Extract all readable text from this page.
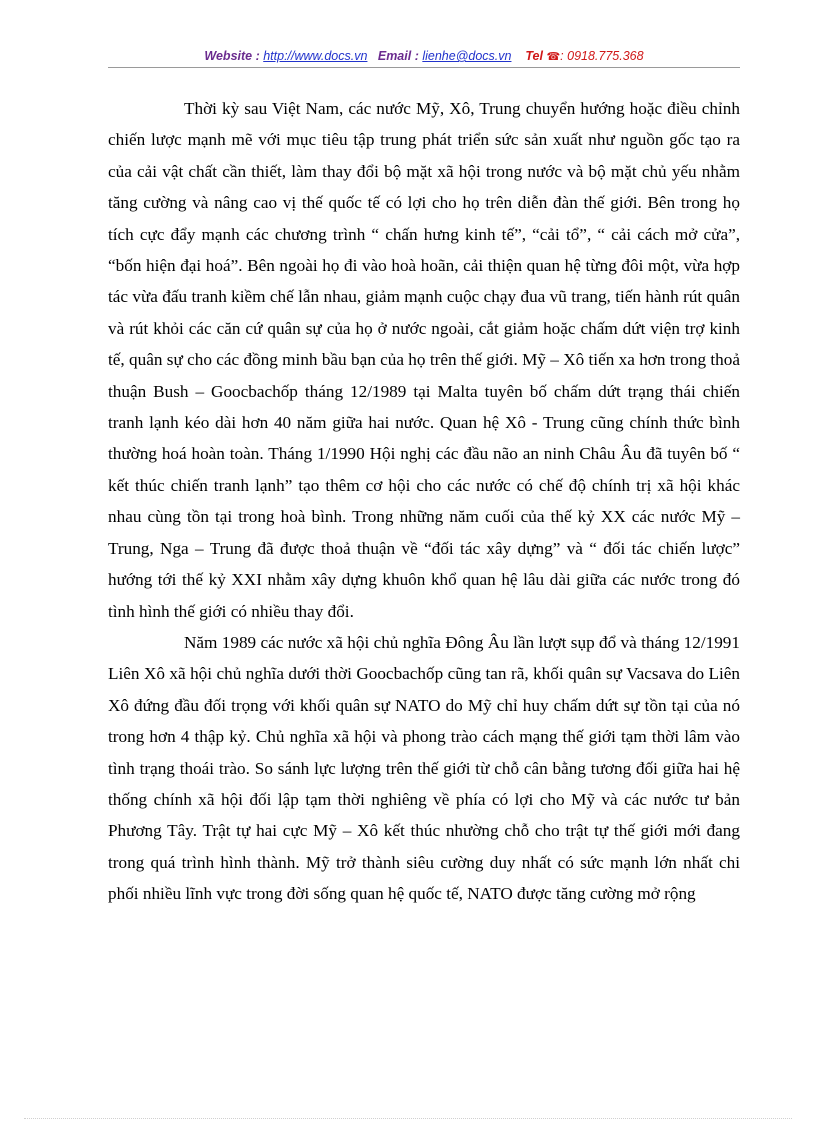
Website : http://www.docs.vn Email : lienhe@docs.vn Tel ☎: 0918.775.368

Thời kỳ sau Việt Nam, các nước Mỹ, Xô, Trung chuyển hướng hoặc điều chỉnh chiến lược mạnh mẽ với mục tiêu tập trung phát triển sức sản xuất như nguồn gốc tạo ra của cải vật chất cần thiết, làm thay đổi bộ mặt xã hội trong nước và bộ mặt chủ yếu nhằm tăng cường và nâng cao vị thế quốc tế có lợi cho họ trên diễn đàn thế giới. Bên trong họ tích cực đẩy mạnh các chương trình “ chấn hưng kinh tế”, “cải tổ”, “ cải cách mở cửa”, “bốn hiện đại hoá”. Bên ngoài họ đi vào hoà hoãn, cải thiện quan hệ từng đôi một, vừa hợp tác vừa đấu tranh kiềm chế lẫn nhau, giảm mạnh cuộc chạy đua vũ trang, tiến hành rút quân và rút khỏi các căn cứ quân sự của họ ở nước ngoài, cắt giảm hoặc chấm dứt viện trợ kinh tế, quân sự cho các đồng minh bầu bạn của họ trên thế giới. Mỹ – Xô tiến xa hơn trong thoả thuận Bush – Goocbachốp tháng 12/1989 tại Malta tuyên bố chấm dứt trạng thái chiến tranh lạnh kéo dài hơn 40 năm giữa hai nước. Quan hệ Xô - Trung cũng chính thức bình thường hoá hoàn toàn. Tháng 1/1990 Hội nghị các đầu não an ninh Châu Âu đã tuyên bố “ kết thúc chiến tranh lạnh” tạo thêm cơ hội cho các nước có chế độ chính trị xã hội khác nhau cùng tồn tại trong hoà bình. Trong những năm cuối của thế kỷ XX các nước Mỹ – Trung, Nga – Trung đã được thoả thuận về “đối tác xây dựng” và “ đối tác chiến lược” hướng tới thế kỷ XXI nhằm xây dựng khuôn khổ quan hệ lâu dài giữa các nước trong đó tình hình thế giới có nhiều thay đổi.

Năm 1989 các nước xã hội chủ nghĩa Đông Âu lần lượt sụp đổ và tháng 12/1991 Liên Xô xã hội chủ nghĩa dưới thời Goocbachốp cũng tan rã, khối quân sự Vacsava do Liên Xô đứng đầu đối trọng với khối quân sự NATO do Mỹ chỉ huy chấm dứt sự tồn tại của nó trong hơn 4 thập kỷ. Chủ nghĩa xã hội và phong trào cách mạng thế giới tạm thời lâm vào tình trạng thoái trào. So sánh lực lượng trên thế giới từ chỗ cân bằng tương đối giữa hai hệ thống chính xã hội đối lập tạm thời nghiêng về phía có lợi cho Mỹ và các nước tư bản Phương Tây. Trật tự hai cực Mỹ – Xô kết thúc nhường chỗ cho trật tự thế giới mới đang trong quá trình hình thành. Mỹ trở thành siêu cường duy nhất có sức mạnh lớn nhất chi phối nhiều lĩnh vực trong đời sống quan hệ quốc tế, NATO được tăng cường mở rộng
